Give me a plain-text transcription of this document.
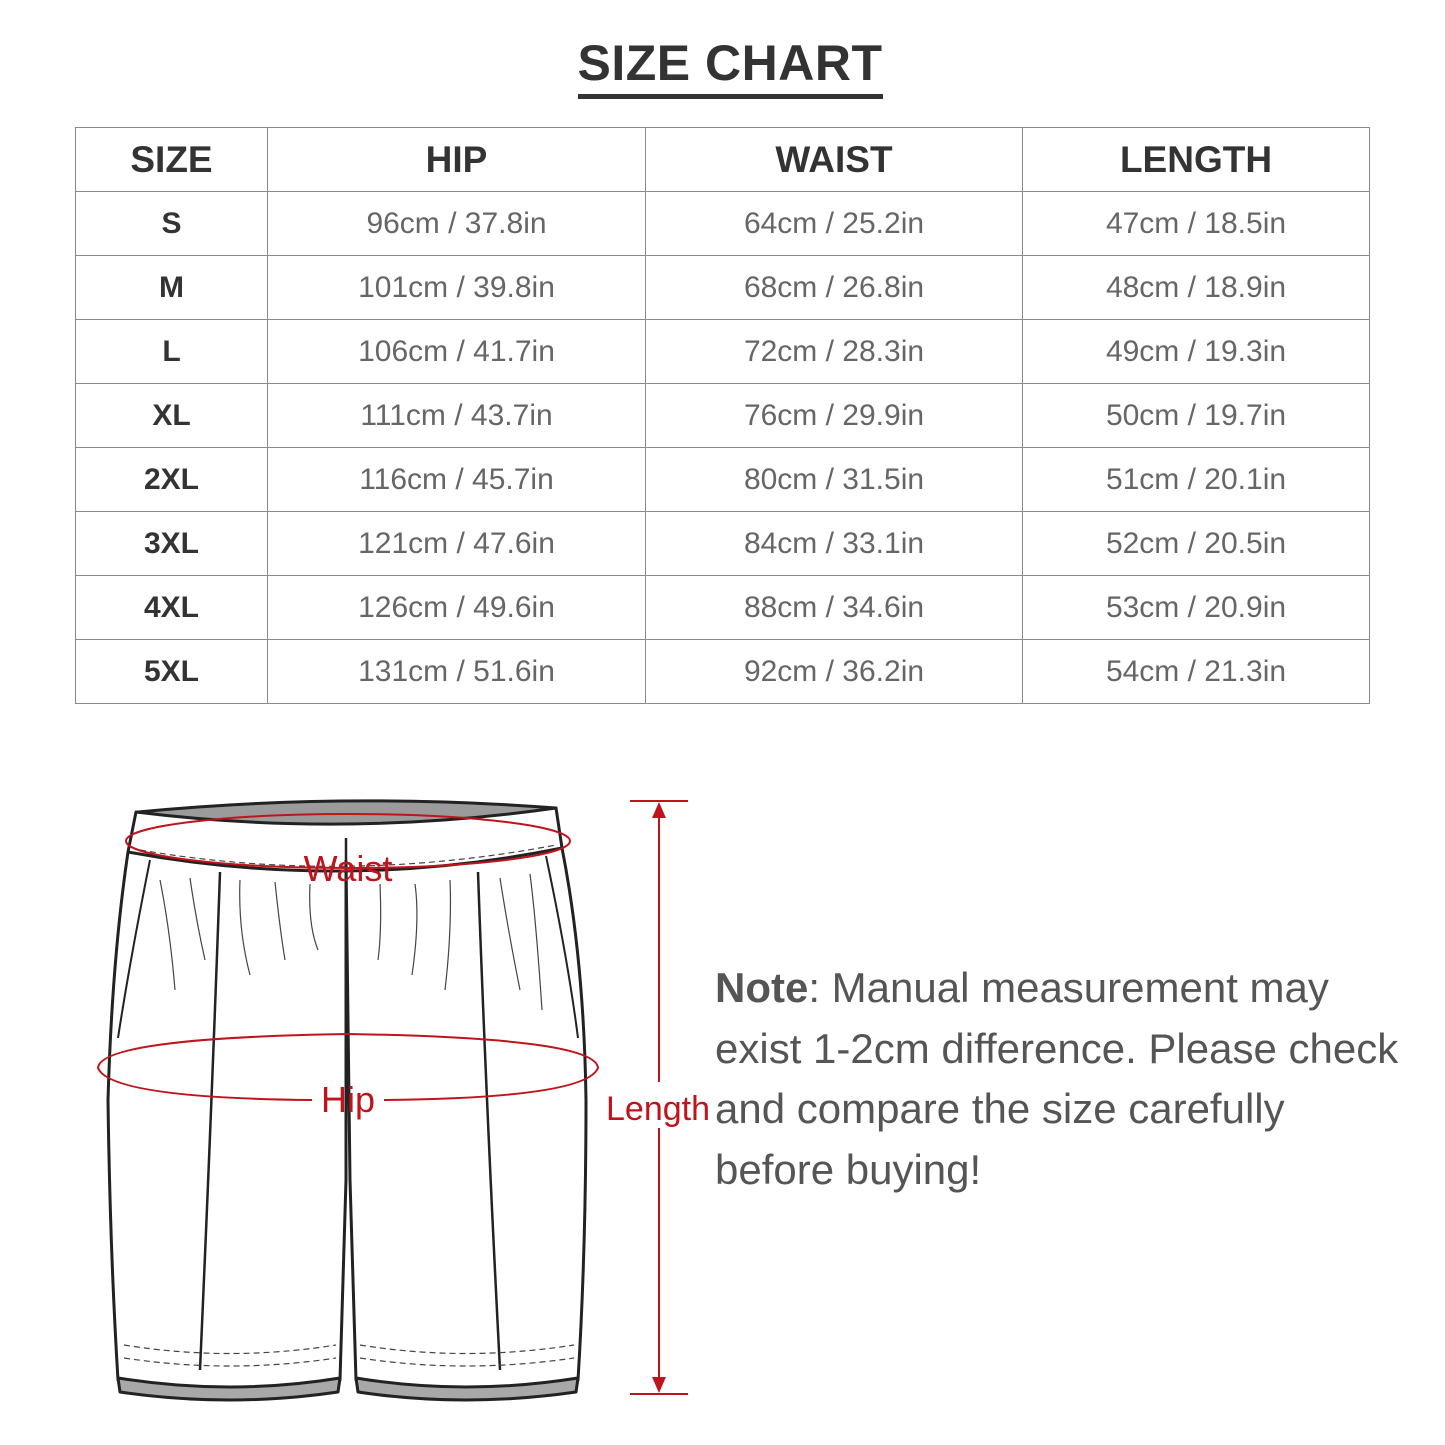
SIZE CHART
SIZE	HIP	WAIST	LENGTH
S	96cm / 37.8in	64cm / 25.2in	47cm / 18.5in
M	101cm / 39.8in	68cm / 26.8in	48cm / 18.9in
L	106cm / 41.7in	72cm / 28.3in	49cm / 19.3in
XL	111cm / 43.7in	76cm / 29.9in	50cm / 19.7in
2XL	116cm / 45.7in	80cm / 31.5in	51cm / 20.1in
3XL	121cm / 47.6in	84cm / 33.1in	52cm / 20.5in
4XL	126cm / 49.6in	88cm / 34.6in	53cm / 20.9in
5XL	131cm / 51.6in	92cm / 36.2in	54cm / 21.3in
Waist
Hip	Length
Note: Manual measurement may exist 1-2cm difference. Please check and compare the size carefully before buying!
